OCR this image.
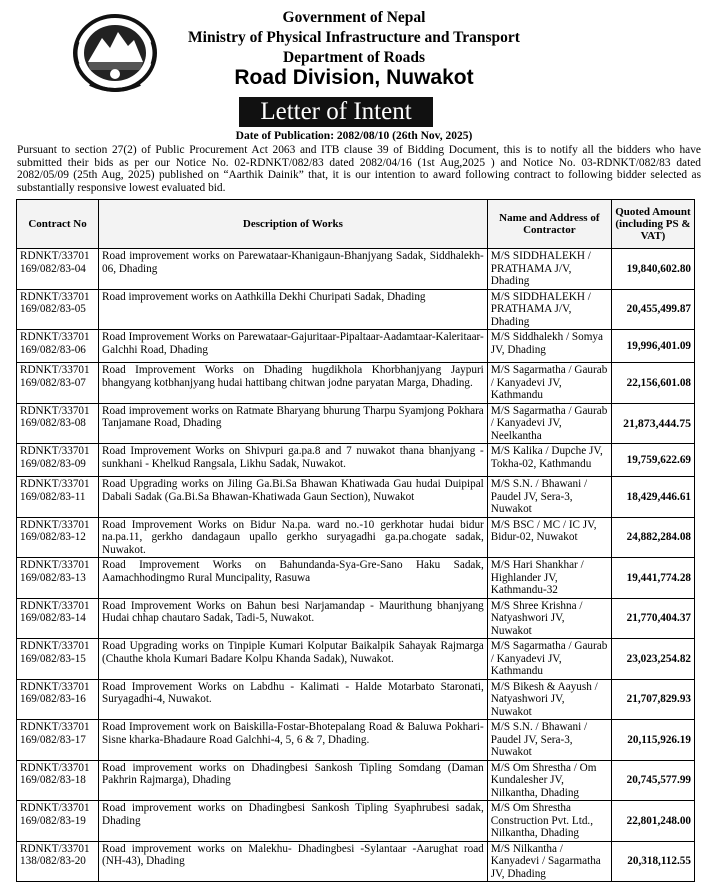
Government of Nepal
Ministry of Physical Infrastructure and Transport
Department of Roads
Road Division, Nuwakot
Letter of Intent
Date of Publication: 2082/08/10 (26th Nov, 2025)
Pursuant to section 27(2) of Public Procurement Act 2063 and ITB clause 39 of Bidding Document, this is to notify all the bidders who have submitted their bids as per our Notice No. 02-RDNKT/082/83 dated 2082/04/16 (1st Aug,2025 ) and Notice No. 03-RDNKT/082/83 dated 2082/05/09 (25th Aug, 2025) published on “Aarthik Dainik” that, it is our intention to award following contract to following bidder selected as substantially responsive lowest evaluated bid.
Contract No	Description of Works	Name and Address of Contractor	Quoted Amount (including PS & VAT)
RDNKT/33701 169/082/83-04	Road improvement works on Parewataar-Khanigaun-Bhanjyang Sadak, Siddhalekh-06, Dhading	M/S SIDDHALEKH / PRATHAMA J/V, Dhading	19,840,602.80
RDNKT/33701 169/082/83-05	Road improvement works on Aathkilla Dekhi Churipati Sadak, Dhading	M/S SIDDHALEKH / PRATHAMA J/V, Dhading	20,455,499.87
RDNKT/33701 169/082/83-06	Road Improvement Works on Parewataar-Gajuritaar-Pipaltaar-Aadamtaar-Kaleritaar-Galchhi Road, Dhading	M/S Siddhalekh / Somya JV, Dhading	19,996,401.09
RDNKT/33701 169/082/83-07	Road Improvement Works on Dhading hugdikhola Khorbhanjyang Jaypuri bhangyang kotbhanjyang hudai hattibang chitwan jodne paryatan Marga, Dhading.	M/S Sagarmatha / Gaurab / Kanyadevi JV, Kathmandu	22,156,601.08
RDNKT/33701 169/082/83-08	Road improvement works on Ratmate Bharyang bhurung Tharpu Syamjong Pokhara Tanjamane Road, Dhading	M/S Sagarmatha / Gaurab / Kanyadevi JV, Neelkantha	21,873,444.75
RDNKT/33701 169/082/83-09	Road Improvement Works on Shivpuri ga.pa.8 and 7 nuwakot thana bhanjyang - sunkhani - Khelkud Rangsala, Likhu Sadak, Nuwakot.	M/S Kalika / Dupche JV, Tokha-02, Kathmandu	19,759,622.69
RDNKT/33701 169/082/83-11	Road Upgrading works on Jiling Ga.Bi.Sa Bhawan Khatiwada Gau hudai Duipipal Dabali Sadak (Ga.Bi.Sa Bhawan-Khatiwada Gaun Section), Nuwakot	M/S S.N. / Bhawani / Paudel JV, Sera-3, Nuwakot	18,429,446.61
RDNKT/33701 169/082/83-12	Road Improvement Works on Bidur Na.pa. ward no.-10 gerkhotar hudai bidur na.pa.11, gerkho dandagaun upallo gerkho suryagadhi ga.pa.chogate sadak, Nuwakot.	M/S BSC / MC / IC JV, Bidur-02, Nuwakot	24,882,284.08
RDNKT/33701 169/082/83-13	Road Improvement Works on Bahundanda-Sya-Gre-Sano Haku Sadak, Aamachhodingmo Rural Muncipality, Rasuwa	M/S Hari Shankhar / Highlander JV, Kathmandu-32	19,441,774.28
RDNKT/33701 169/082/83-14	Road Improvement Works on Bahun besi Narjamandap - Maurithung bhanjyang Hudai chhap chautaro Sadak, Tadi-5, Nuwakot.	M/S Shree Krishna / Natyashwori JV, Nuwakot	21,770,404.37
RDNKT/33701 169/082/83-15	Road Upgrading works on Tinpiple Kumari Kolputar Baikalpik Sahayak Rajmarga (Chauthe khola Kumari Badare Kolpu Khanda Sadak), Nuwakot.	M/S Sagarmatha / Gaurab / Kanyadevi JV, Kathmandu	23,023,254.82
RDNKT/33701 169/082/83-16	Road Improvement Works on Labdhu - Kalimati - Halde Motarbato Staronati, Suryagadhi-4, Nuwakot.	M/S Bikesh & Aayush / Natyashwori JV, Nuwakot	21,707,829.93
RDNKT/33701 169/082/83-17	Road Improvement work on Baiskilla-Fostar-Bhotepalang Road & Baluwa Pokhari-Sisne kharka-Bhadaure Road Galchhi-4, 5, 6 & 7, Dhading.	M/S S.N. / Bhawani / Paudel JV, Sera-3, Nuwakot	20,115,926.19
RDNKT/33701 169/082/83-18	Road improvement works on Dhadingbesi Sankosh Tipling Somdang (Daman Pakhrin Rajmarga), Dhading	M/S Om Shrestha / Om Kundalesher JV, Nilkantha, Dhading	20,745,577.99
RDNKT/33701 169/082/83-19	Road improvement works on Dhadingbesi Sankosh Tipling Syaphrubesi sadak, Dhading	M/S Om Shrestha Construction Pvt. Ltd., Nilkantha, Dhading	22,801,248.00
RDNKT/33701 138/082/83-20	Road improvement works on Malekhu- Dhadingbesi -Sylantaar -Aarughat road (NH-43), Dhading	M/S Nilkantha / Kanyadevi / Sagarmatha JV, Dhading	20,318,112.55
